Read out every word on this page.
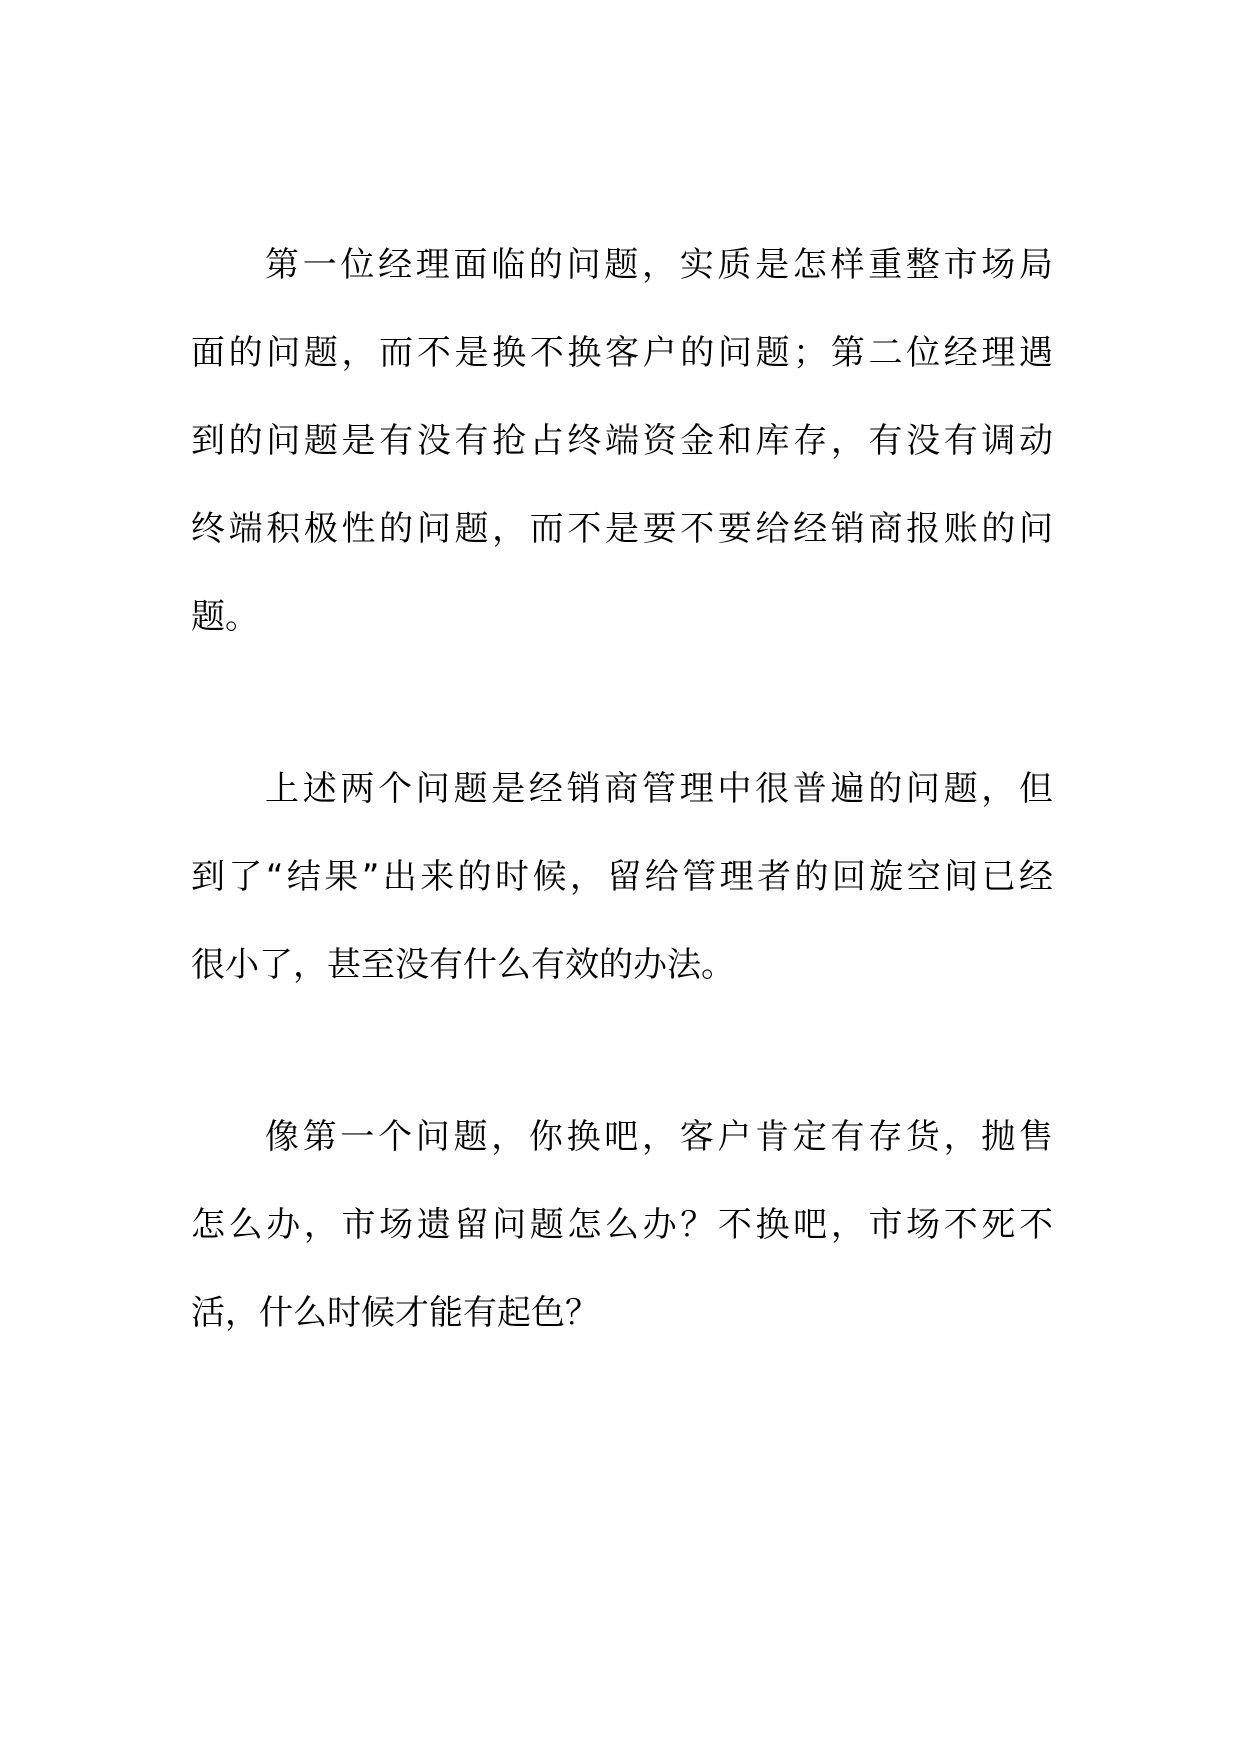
第一位经理面临的问题，实质是怎样重整市场局
面的问题，而不是换不换客户的问题；第二位经理遇
到的问题是有没有抢占终端资金和库存，有没有调动
终端积极性的问题，而不是要不要给经销商报账的问
题。
上述两个问题是经销商管理中很普遍的问题，但
到了“结果”出来的时候，留给管理者的回旋空间已经
很小了，甚至没有什么有效的办法。
像第一个问题，你换吧，客户肯定有存货，抛售
怎么办，市场遗留问题怎么办？不换吧，市场不死不
活，什么时候才能有起色？
